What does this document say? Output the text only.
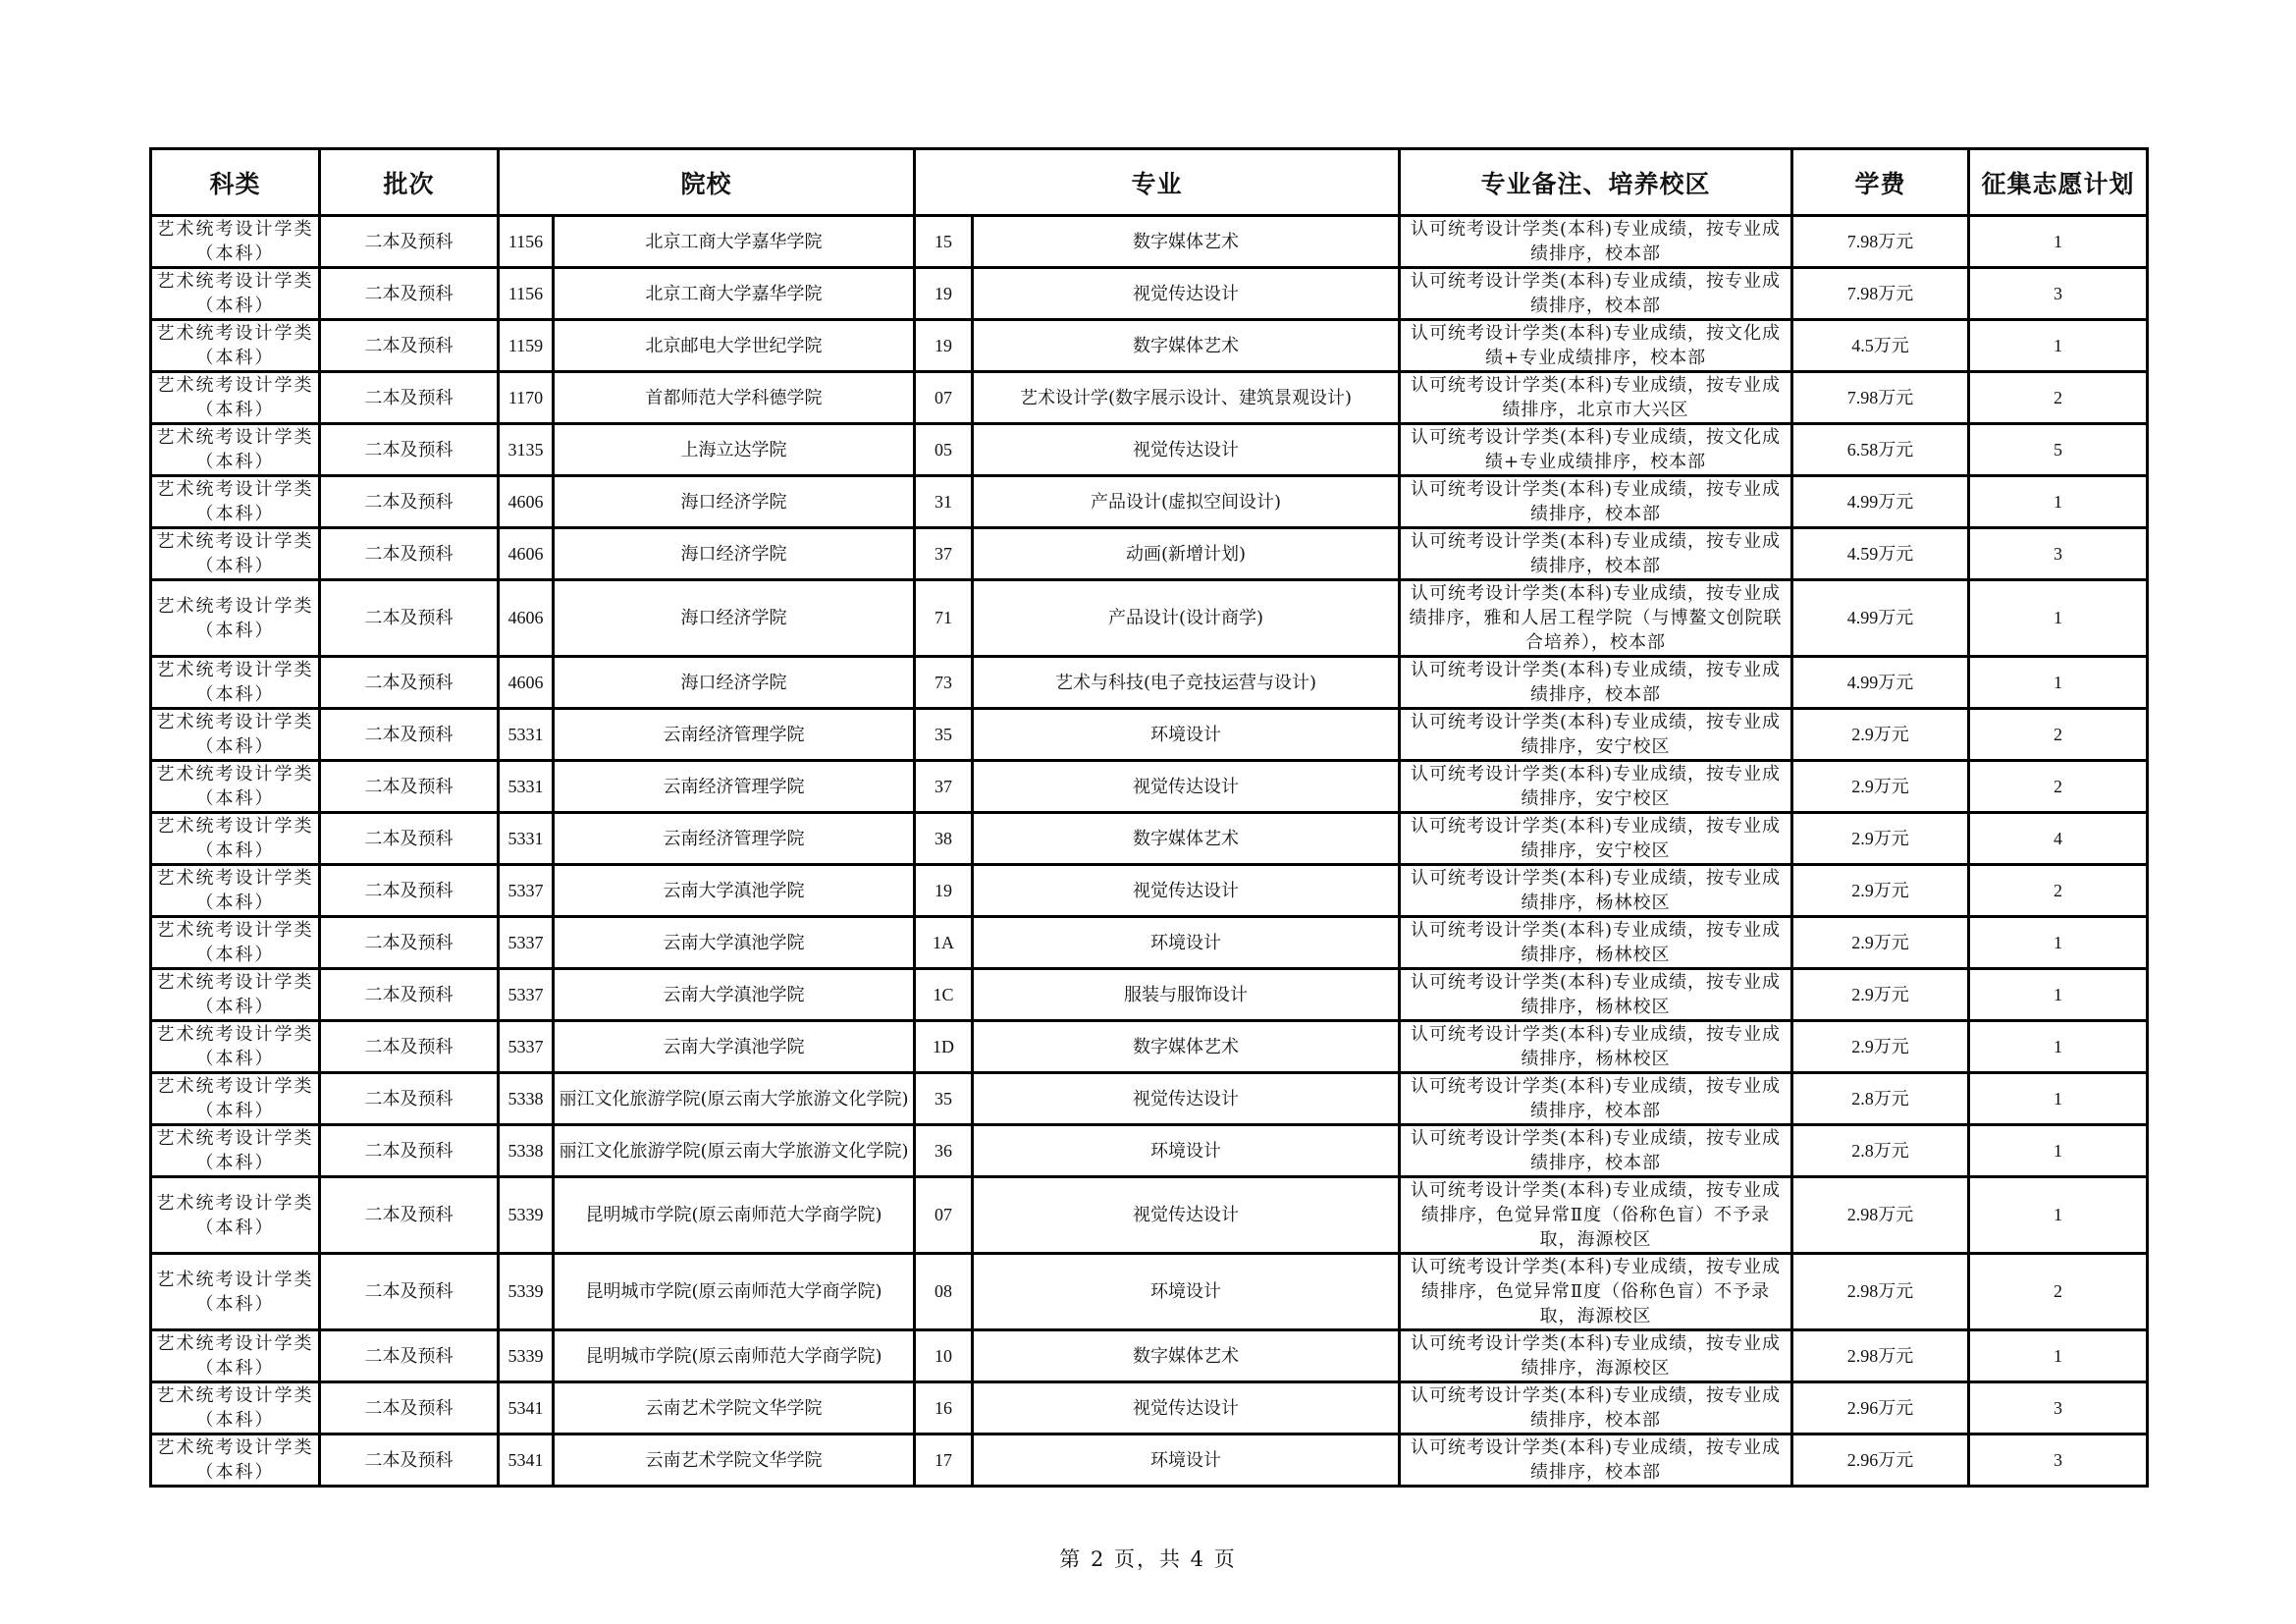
科类	批次	院校		专业		专业备注、培养校区	学费	征集志愿计划
艺术统考设计学类（本科）	二本及预科	1156	北京工商大学嘉华学院	15	数字媒体艺术	认可统考设计学类(本科)专业成绩，按专业成绩排序，校本部	7.98万元	1
艺术统考设计学类（本科）	二本及预科	1156	北京工商大学嘉华学院	19	视觉传达设计	认可统考设计学类(本科)专业成绩，按专业成绩排序，校本部	7.98万元	3
艺术统考设计学类（本科）	二本及预科	1159	北京邮电大学世纪学院	19	数字媒体艺术	认可统考设计学类(本科)专业成绩，按文化成绩+专业成绩排序，校本部	4.5万元	1
艺术统考设计学类（本科）	二本及预科	1170	首都师范大学科德学院	07	艺术设计学(数字展示设计、建筑景观设计)	认可统考设计学类(本科)专业成绩，按专业成绩排序，北京市大兴区	7.98万元	2
艺术统考设计学类（本科）	二本及预科	3135	上海立达学院	05	视觉传达设计	认可统考设计学类(本科)专业成绩，按文化成绩+专业成绩排序，校本部	6.58万元	5
艺术统考设计学类（本科）	二本及预科	4606	海口经济学院	31	产品设计(虚拟空间设计)	认可统考设计学类(本科)专业成绩，按专业成绩排序，校本部	4.99万元	1
艺术统考设计学类（本科）	二本及预科	4606	海口经济学院	37	动画(新增计划)	认可统考设计学类(本科)专业成绩，按专业成绩排序，校本部	4.59万元	3
艺术统考设计学类（本科）	二本及预科	4606	海口经济学院	71	产品设计(设计商学)	认可统考设计学类(本科)专业成绩，按专业成绩排序，雅和人居工程学院（与博鳌文创院联合培养），校本部	4.99万元	1
艺术统考设计学类（本科）	二本及预科	4606	海口经济学院	73	艺术与科技(电子竞技运营与设计)	认可统考设计学类(本科)专业成绩，按专业成绩排序，校本部	4.99万元	1
艺术统考设计学类（本科）	二本及预科	5331	云南经济管理学院	35	环境设计	认可统考设计学类(本科)专业成绩，按专业成绩排序，安宁校区	2.9万元	2
艺术统考设计学类（本科）	二本及预科	5331	云南经济管理学院	37	视觉传达设计	认可统考设计学类(本科)专业成绩，按专业成绩排序，安宁校区	2.9万元	2
艺术统考设计学类（本科）	二本及预科	5331	云南经济管理学院	38	数字媒体艺术	认可统考设计学类(本科)专业成绩，按专业成绩排序，安宁校区	2.9万元	4
艺术统考设计学类（本科）	二本及预科	5337	云南大学滇池学院	19	视觉传达设计	认可统考设计学类(本科)专业成绩，按专业成绩排序，杨林校区	2.9万元	2
艺术统考设计学类（本科）	二本及预科	5337	云南大学滇池学院	1A	环境设计	认可统考设计学类(本科)专业成绩，按专业成绩排序，杨林校区	2.9万元	1
艺术统考设计学类（本科）	二本及预科	5337	云南大学滇池学院	1C	服装与服饰设计	认可统考设计学类(本科)专业成绩，按专业成绩排序，杨林校区	2.9万元	1
艺术统考设计学类（本科）	二本及预科	5337	云南大学滇池学院	1D	数字媒体艺术	认可统考设计学类(本科)专业成绩，按专业成绩排序，杨林校区	2.9万元	1
艺术统考设计学类（本科）	二本及预科	5338	丽江文化旅游学院(原云南大学旅游文化学院)	35	视觉传达设计	认可统考设计学类(本科)专业成绩，按专业成绩排序，校本部	2.8万元	1
艺术统考设计学类（本科）	二本及预科	5338	丽江文化旅游学院(原云南大学旅游文化学院)	36	环境设计	认可统考设计学类(本科)专业成绩，按专业成绩排序，校本部	2.8万元	1
艺术统考设计学类（本科）	二本及预科	5339	昆明城市学院(原云南师范大学商学院)	07	视觉传达设计	认可统考设计学类(本科)专业成绩，按专业成绩排序，色觉异常Ⅱ度（俗称色盲）不予录取，海源校区	2.98万元	1
艺术统考设计学类（本科）	二本及预科	5339	昆明城市学院(原云南师范大学商学院)	08	环境设计	认可统考设计学类(本科)专业成绩，按专业成绩排序，色觉异常Ⅱ度（俗称色盲）不予录取，海源校区	2.98万元	2
艺术统考设计学类（本科）	二本及预科	5339	昆明城市学院(原云南师范大学商学院)	10	数字媒体艺术	认可统考设计学类(本科)专业成绩，按专业成绩排序，海源校区	2.98万元	1
艺术统考设计学类（本科）	二本及预科	5341	云南艺术学院文华学院	16	视觉传达设计	认可统考设计学类(本科)专业成绩，按专业成绩排序，校本部	2.96万元	3
艺术统考设计学类（本科）	二本及预科	5341	云南艺术学院文华学院	17	环境设计	认可统考设计学类(本科)专业成绩，按专业成绩排序，校本部	2.96万元	3
第 2 页，共 4 页
